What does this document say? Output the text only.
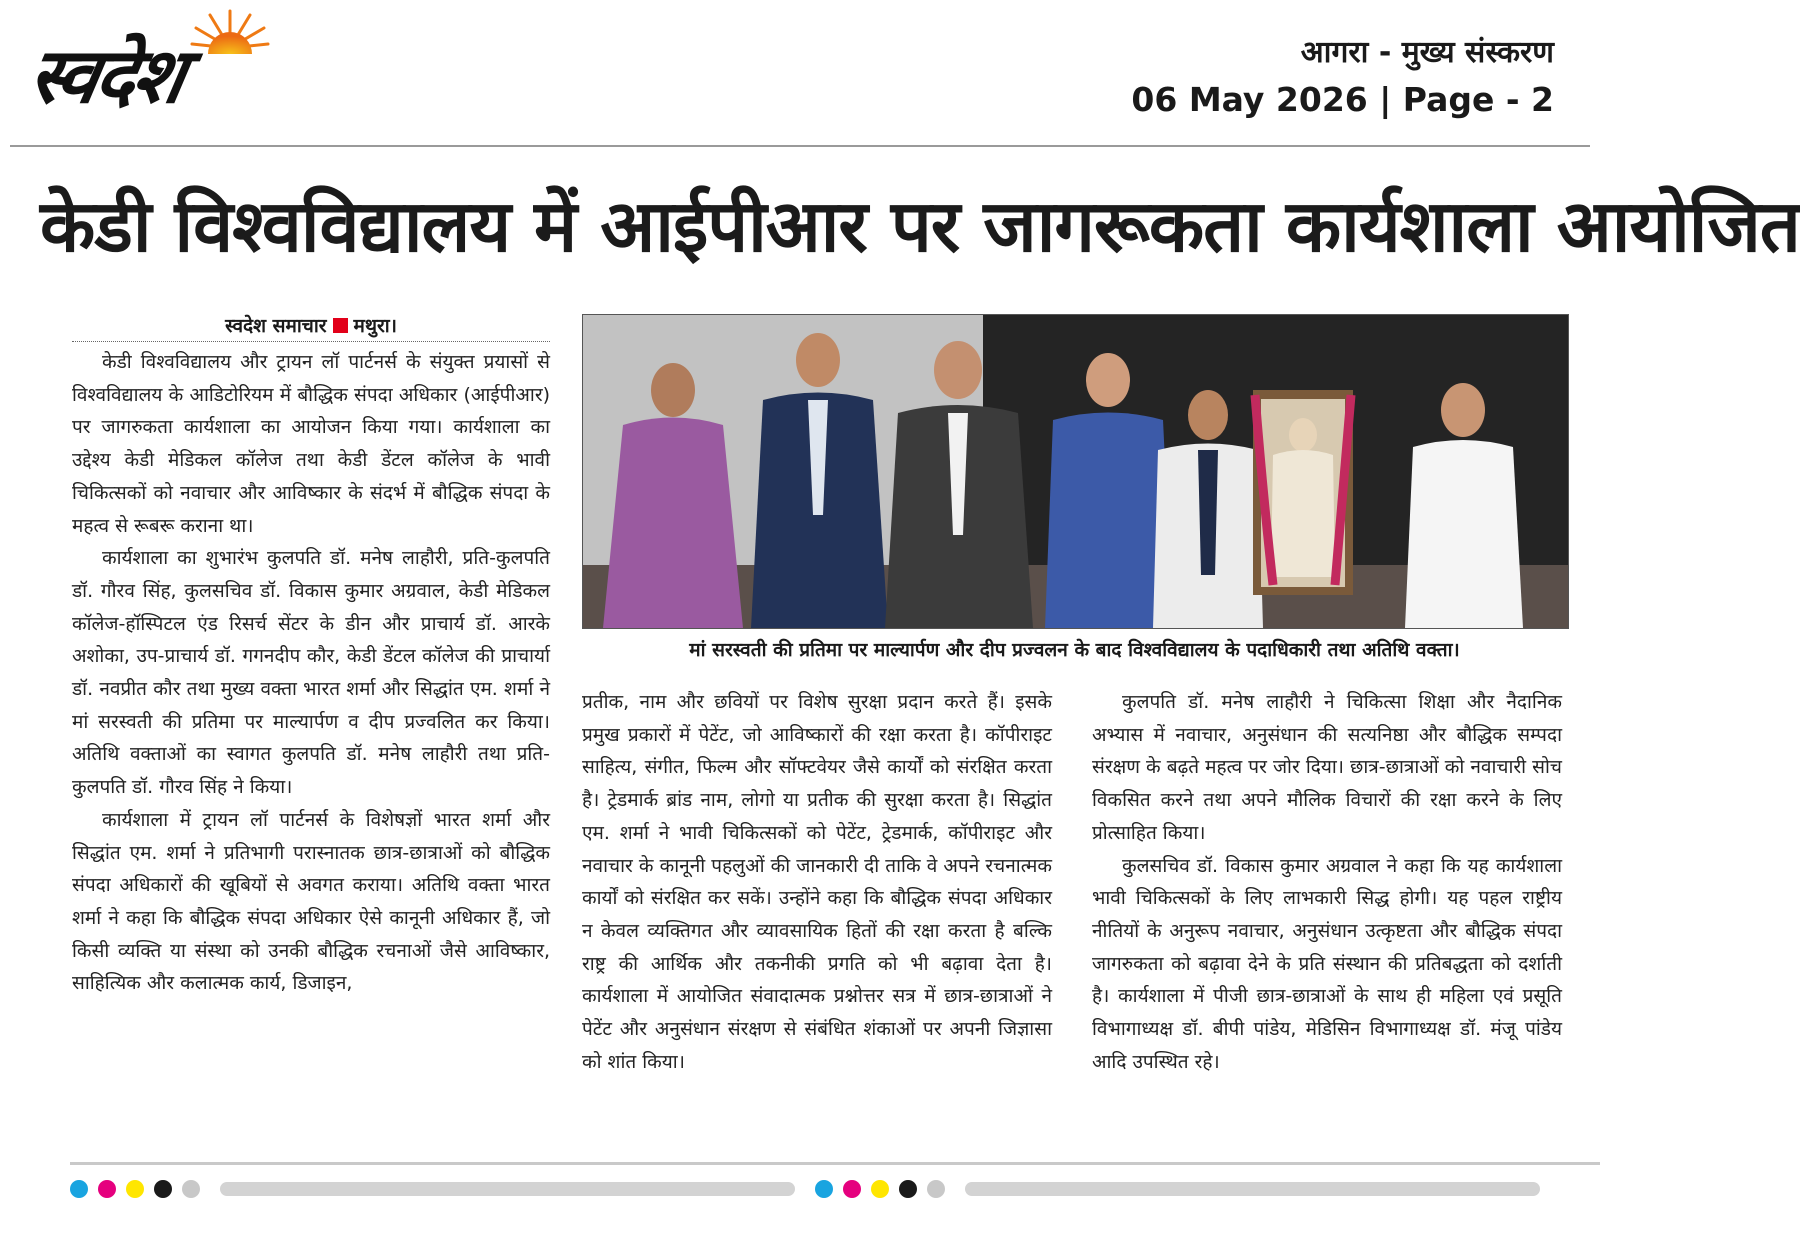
स्वदेश	आगरा - मुख्य संस्करण
06 May 2026 | Page - 2
केडी विश्वविद्यालय में आईपीआर पर जागरूकता कार्यशाला आयोजित
स्वदेश समाचार मथुरा।

केडी विश्वविद्यालय और ट्रायन लॉ पार्टनर्स के संयुक्त प्रयासों से विश्वविद्यालय के आडिटोरियम में बौद्धिक संपदा अधिकार (आईपीआर) पर जागरुकता कार्यशाला का आयोजन किया गया। कार्यशाला का उद्देश्य केडी मेडिकल कॉलेज तथा केडी डेंटल कॉलेज के भावी चिकित्सकों को नवाचार और आविष्कार के संदर्भ में बौद्धिक संपदा के महत्व से रूबरू कराना था।

कार्यशाला का शुभारंभ कुलपति डॉ. मनेष लाहौरी, प्रति-कुलपति डॉ. गौरव सिंह, कुलसचिव डॉ. विकास कुमार अग्रवाल, केडी मेडिकल कॉलेज-हॉस्पिटल एंड रिसर्च सेंटर के डीन और प्राचार्य डॉ. आरके अशोका, उप-प्राचार्य डॉ. गगनदीप कौर, केडी डेंटल कॉलेज की प्राचार्या डॉ. नवप्रीत कौर तथा मुख्य वक्ता भारत शर्मा और सिद्धांत एम. शर्मा ने मां सरस्वती की प्रतिमा पर माल्यार्पण व दीप प्रज्वलित कर किया। अतिथि वक्ताओं का स्वागत कुलपति डॉ. मनेष लाहौरी तथा प्रति-कुलपति डॉ. गौरव सिंह ने किया।

कार्यशाला में ट्रायन लॉ पार्टनर्स के विशेषज्ञों भारत शर्मा और सिद्धांत एम. शर्मा ने प्रतिभागी परास्नातक छात्र-छात्राओं को बौद्धिक संपदा अधिकारों की खूबियों से अवगत कराया। अतिथि वक्ता भारत शर्मा ने कहा कि बौद्धिक संपदा अधिकार ऐसे कानूनी अधिकार हैं, जो किसी व्यक्ति या संस्था को उनकी बौद्धिक रचनाओं जैसे आविष्कार, साहित्यिक और कलात्मक कार्य, डिजाइन,

मां सरस्वती की प्रतिमा पर माल्यार्पण और दीप प्रज्वलन के बाद विश्वविद्यालय के पदाधिकारी तथा अतिथि वक्ता।

प्रतीक, नाम और छवियों पर विशेष सुरक्षा प्रदान करते हैं। इसके प्रमुख प्रकारों में पेटेंट, जो आविष्कारों की रक्षा करता है। कॉपीराइट साहित्य, संगीत, फिल्म और सॉफ्टवेयर जैसे कार्यों को संरक्षित करता है। ट्रेडमार्क ब्रांड नाम, लोगो या प्रतीक की सुरक्षा करता है। सिद्धांत एम. शर्मा ने भावी चिकित्सकों को पेटेंट, ट्रेडमार्क, कॉपीराइट और नवाचार के कानूनी पहलुओं की जानकारी दी ताकि वे अपने रचनात्मक कार्यों को संरक्षित कर सकें। उन्होंने कहा कि बौद्धिक संपदा अधिकार न केवल व्यक्तिगत और व्यावसायिक हितों की रक्षा करता है बल्कि राष्ट्र की आर्थिक और तकनीकी प्रगति को भी बढ़ावा देता है। कार्यशाला में आयोजित संवादात्मक प्रश्नोत्तर सत्र में छात्र-छात्राओं ने पेटेंट और अनुसंधान संरक्षण से संबंधित शंकाओं पर अपनी जिज्ञासा को शांत किया।

कुलपति डॉ. मनेष लाहौरी ने चिकित्सा शिक्षा और नैदानिक अभ्यास में नवाचार, अनुसंधान की सत्यनिष्ठा और बौद्धिक सम्पदा संरक्षण के बढ़ते महत्व पर जोर दिया। छात्र-छात्राओं को नवाचारी सोच विकसित करने तथा अपने मौलिक विचारों की रक्षा करने के लिए प्रोत्साहित किया।

कुलसचिव डॉ. विकास कुमार अग्रवाल ने कहा कि यह कार्यशाला भावी चिकित्सकों के लिए लाभकारी सिद्ध होगी। यह पहल राष्ट्रीय नीतियों के अनुरूप नवाचार, अनुसंधान उत्कृष्टता और बौद्धिक संपदा जागरुकता को बढ़ावा देने के प्रति संस्थान की प्रतिबद्धता को दर्शाती है। कार्यशाला में पीजी छात्र-छात्राओं के साथ ही महिला एवं प्रसूति विभागाध्यक्ष डॉ. बीपी पांडेय, मेडिसिन विभागाध्यक्ष डॉ. मंजू पांडेय आदि उपस्थित रहे।
